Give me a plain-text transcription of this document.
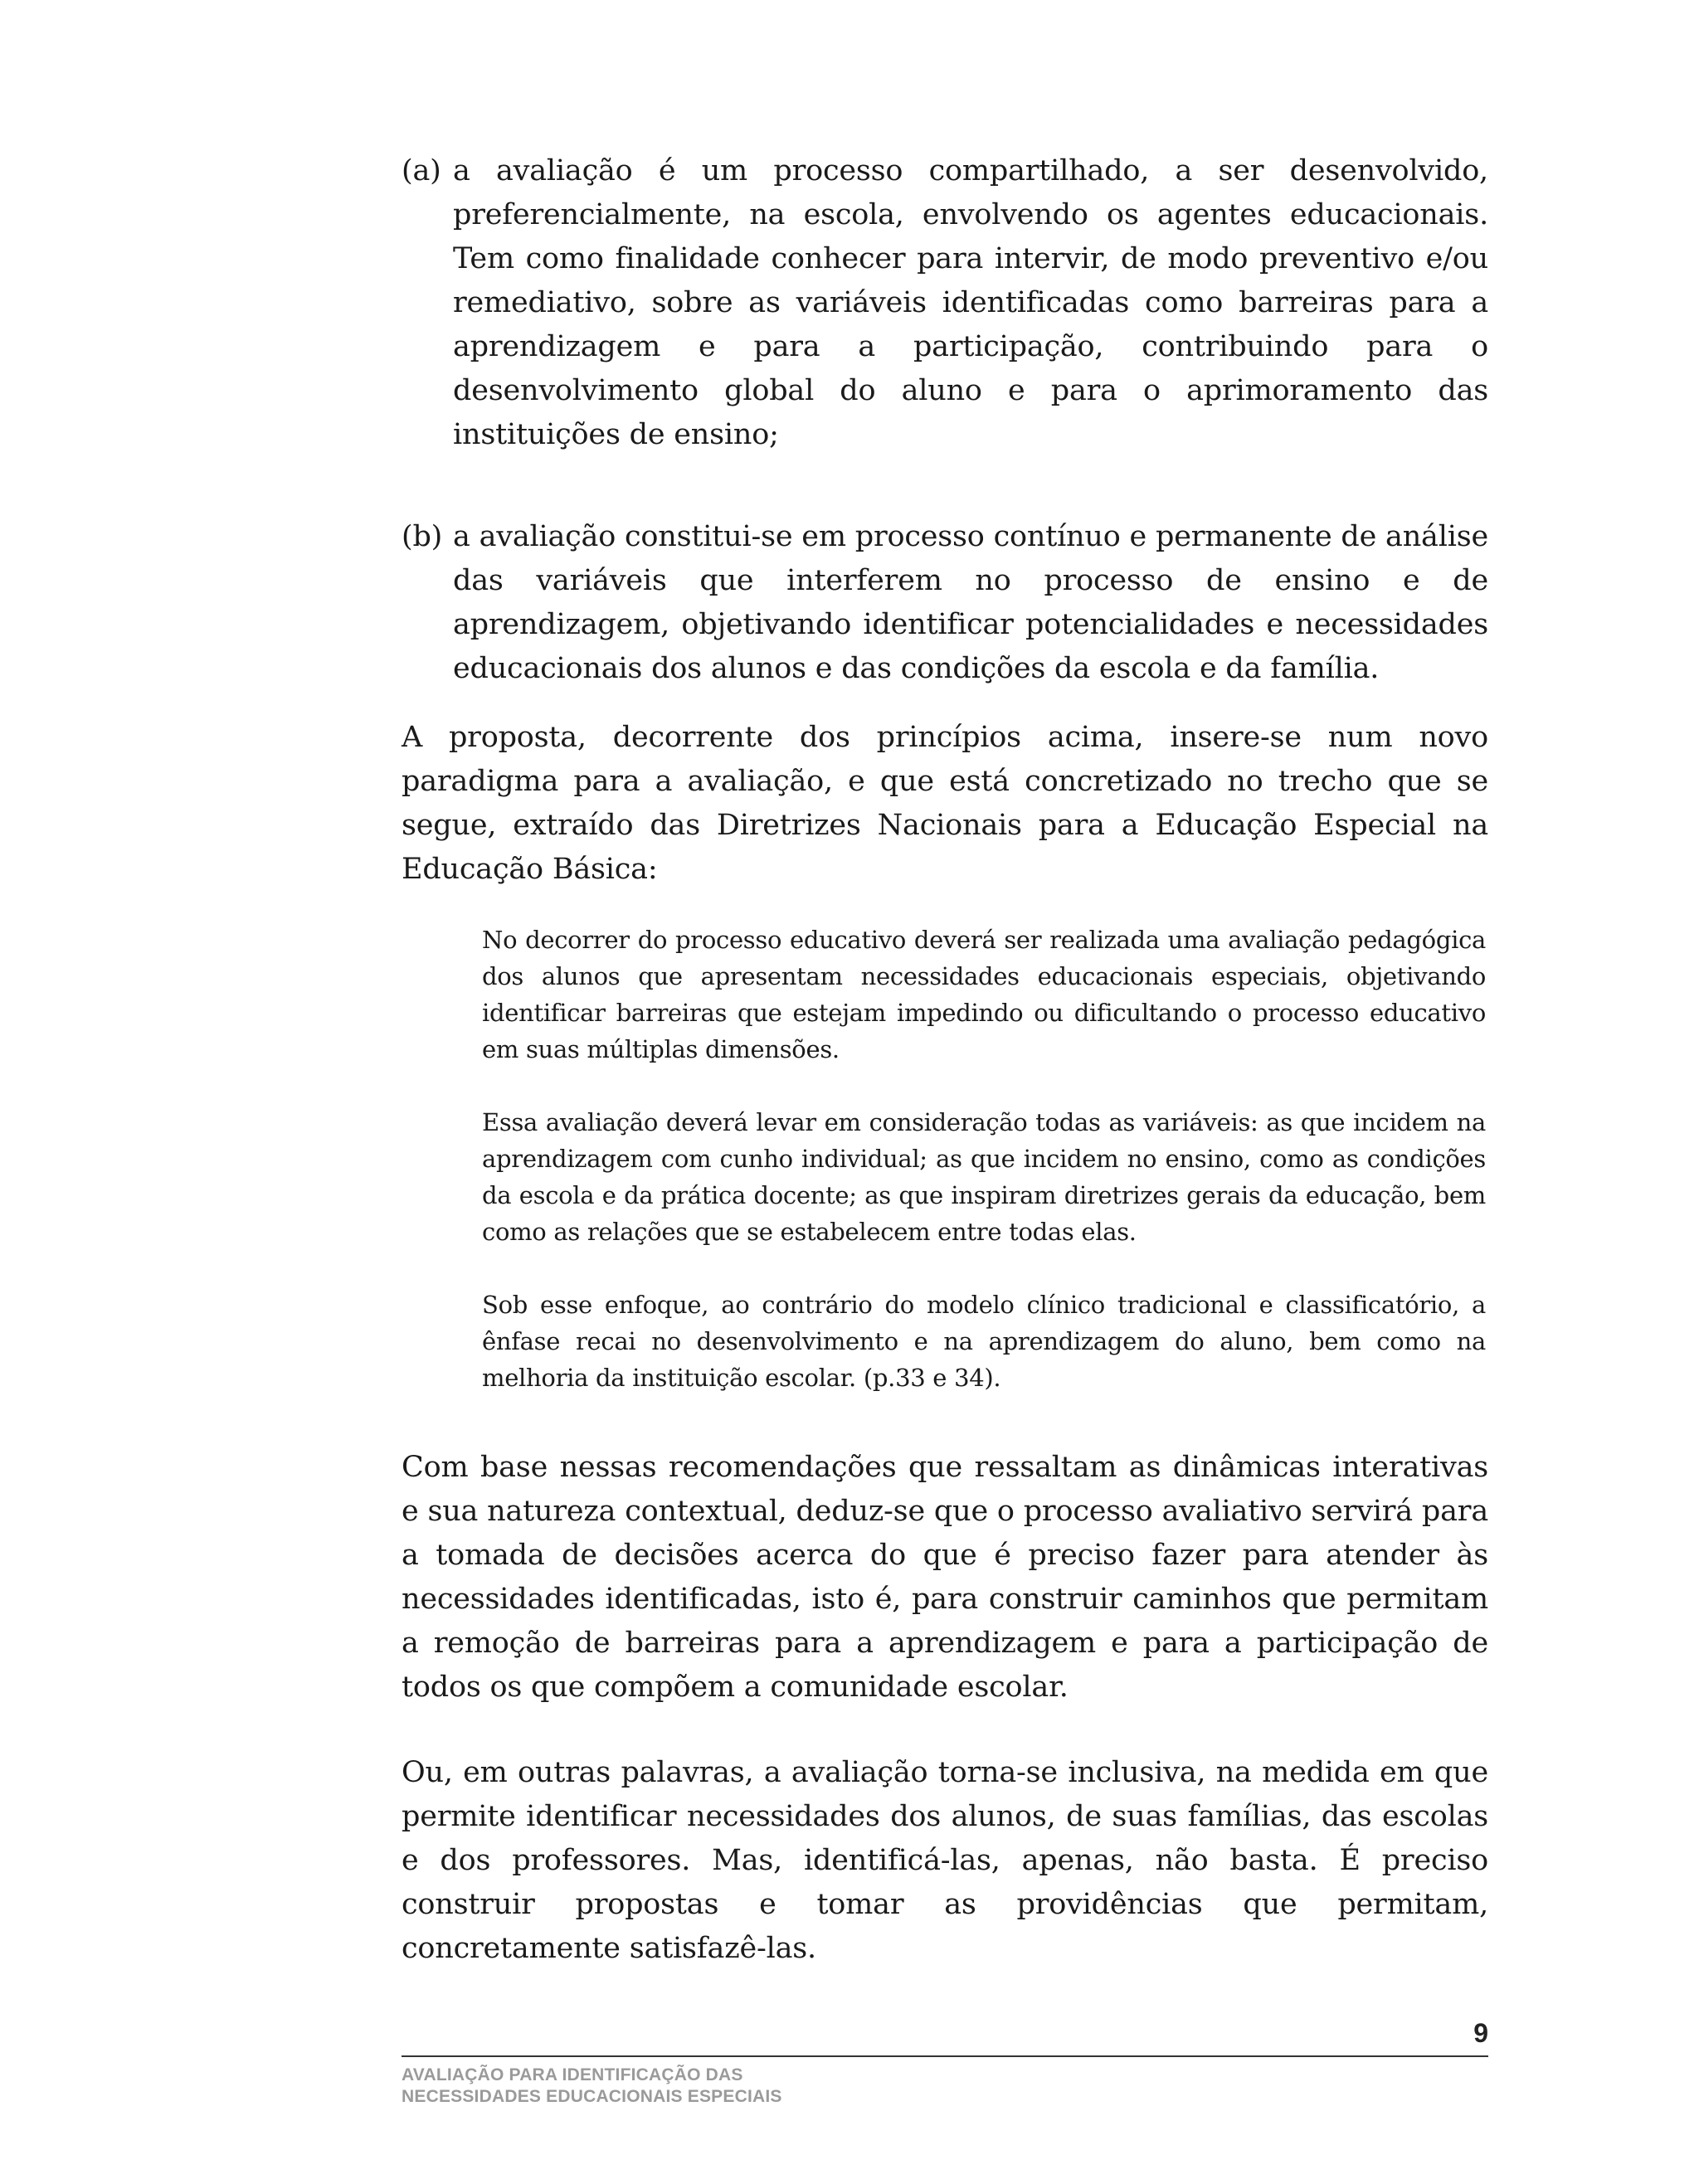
(a) a avaliação é um processo compartilhado, a ser desenvolvido, preferencialmente, na escola, envolvendo os agentes educacionais. Tem como finalidade conhecer para intervir, de modo preventivo e/ou remediativo, sobre as variáveis identificadas como barreiras para a aprendizagem e para a participação, contribuindo para o desenvolvimento global do aluno e para o aprimoramento das instituições de ensino;
(b) a avaliação constitui-se em processo contínuo e permanente de análise das variáveis que interferem no processo de ensino e de aprendizagem, objetivando identificar potencialidades e necessidades educacionais dos alunos e das condições da escola e da família.

A proposta, decorrente dos princípios acima, insere-se num novo paradigma para a avaliação, e que está concretizado no trecho que se segue, extraído das Diretrizes Nacionais para a Educação Especial na Educação Básica:

No decorrer do processo educativo deverá ser realizada uma avaliação pedagógica dos alunos que apresentam necessidades educacionais especiais, objetivando identificar barreiras que estejam impedindo ou dificultando o processo educativo em suas múltiplas dimensões.

Essa avaliação deverá levar em consideração todas as variáveis: as que incidem na aprendizagem com cunho individual; as que incidem no ensino, como as condições da escola e da prática docente; as que inspiram diretrizes gerais da educação, bem como as relações que se estabelecem entre todas elas.

Sob esse enfoque, ao contrário do modelo clínico tradicional e classificatório, a ênfase recai no desenvolvimento e na aprendizagem do aluno, bem como na melhoria da instituição escolar. (p.33 e 34).

Com base nessas recomendações que ressaltam as dinâmicas interativas e sua natureza contextual, deduz-se que o processo avaliativo servirá para a tomada de decisões acerca do que é preciso fazer para atender às necessidades identificadas, isto é, para construir caminhos que permitam a remoção de barreiras para a aprendizagem e para a participação de todos os que compõem a comunidade escolar.

Ou, em outras palavras, a avaliação torna-se inclusiva, na medida em que permite identificar necessidades dos alunos, de suas famílias, das escolas e dos professores. Mas, identificá-las, apenas, não basta. É preciso construir propostas e tomar as providências que permitam, concretamente satisfazê-las.

9
AVALIAÇÃO PARA IDENTIFICAÇÃO DAS
NECESSIDADES EDUCACIONAIS ESPECIAIS
